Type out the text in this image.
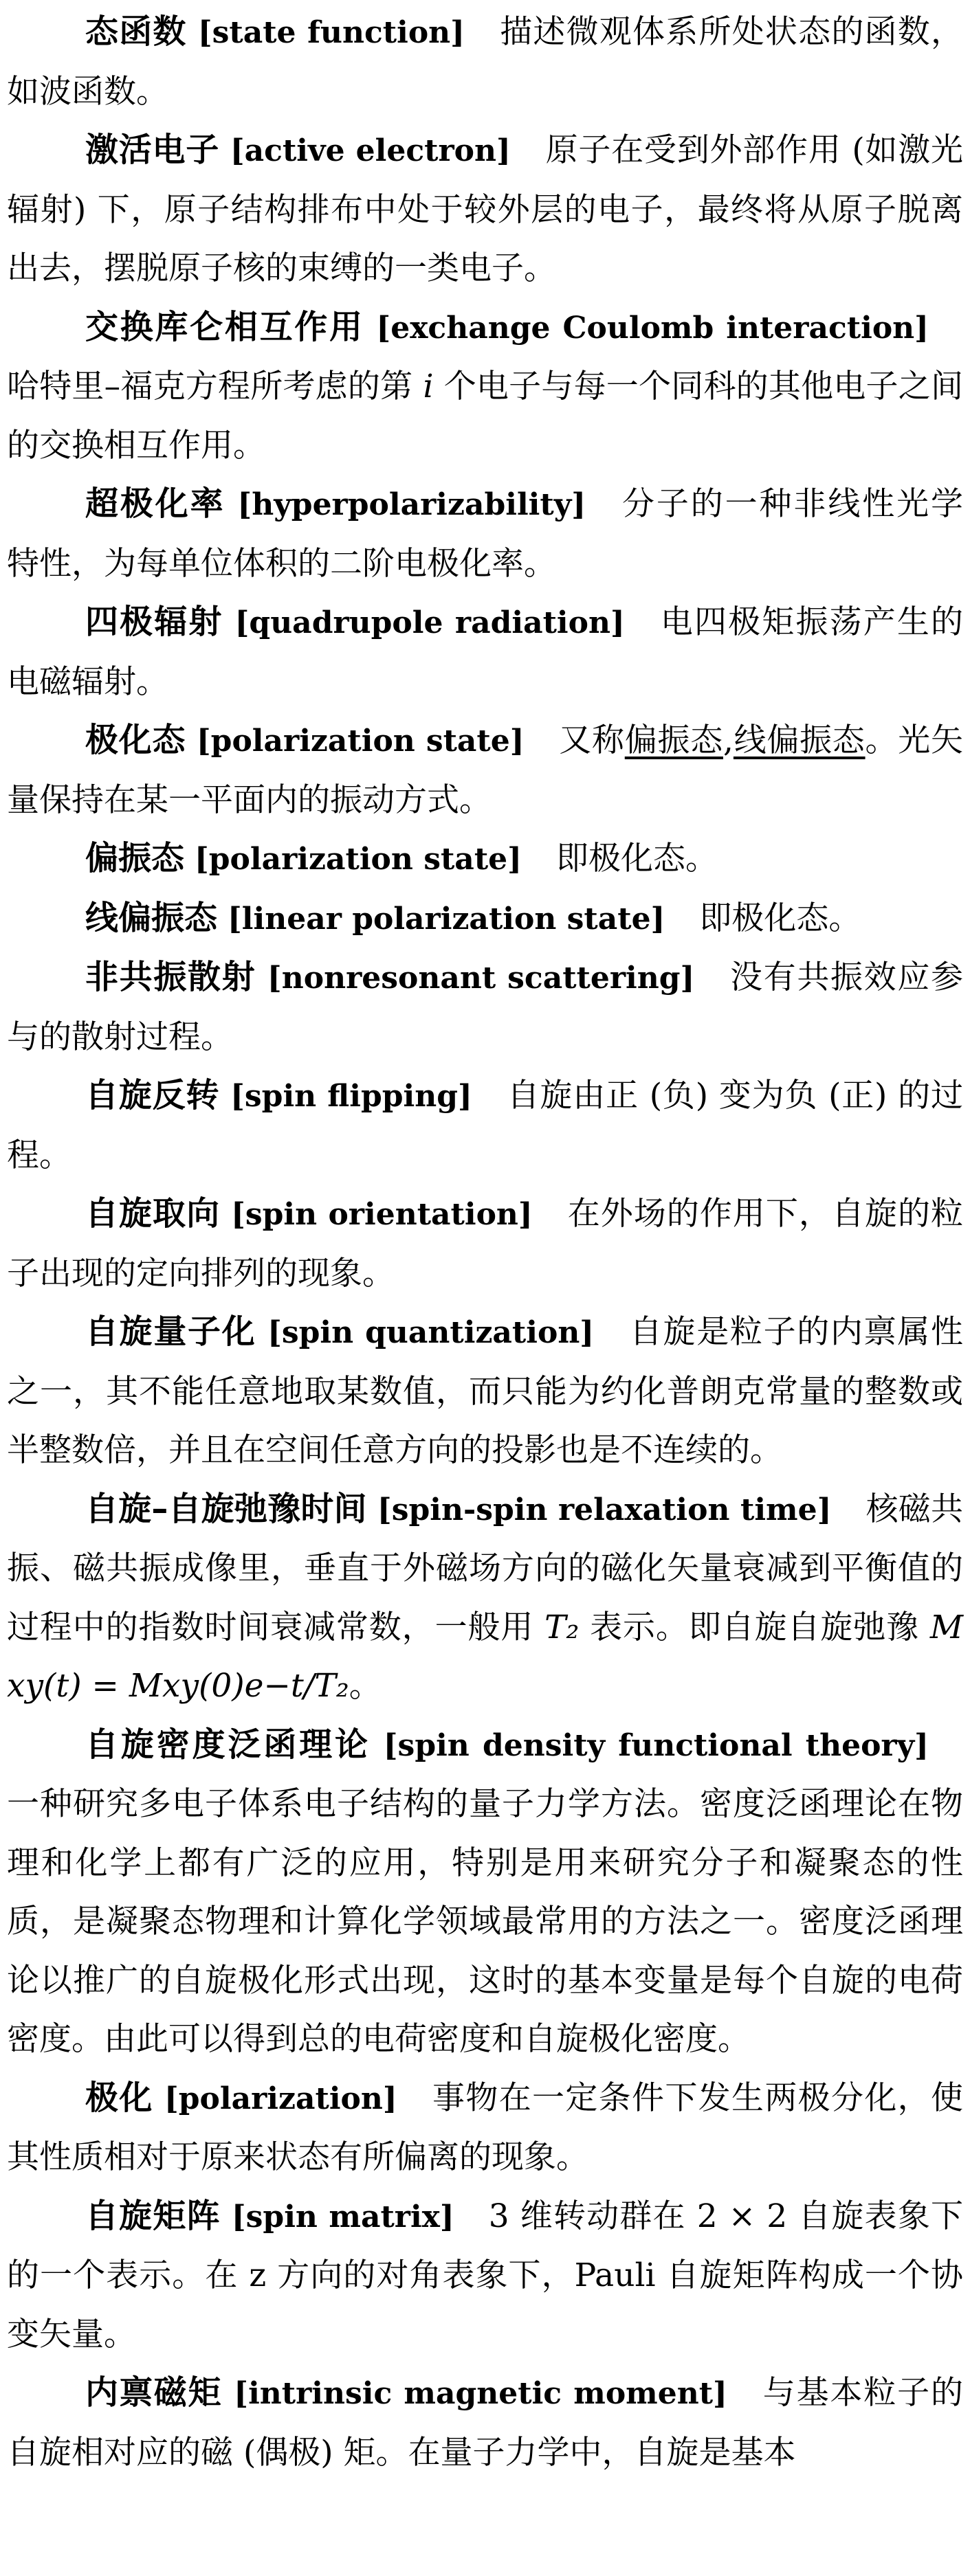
态函数 [state function] 描述微观体系所处状态的函数，如波函数。

激活电子 [active electron] 原子在受到外部作用 (如激光辐射) 下，原子结构排布中处于较外层的电子，最终将从原子脱离出去，摆脱原子核的束缚的一类电子。

交换库仑相互作用 [exchange Coulomb interaction]哈特里–福克方程所考虑的第 i 个电子与每一个同科的其他电子之间的交换相互作用。

超极化率 [hyperpolarizability] 分子的一种非线性光学特性，为每单位体积的二阶电极化率。

四极辐射 [quadrupole radiation] 电四极矩振荡产生的电磁辐射。

极化态 [polarization state] 又称偏振态,线偏振态。光矢量保持在某一平面内的振动方式。

偏振态 [polarization state] 即极化态。

线偏振态 [linear polarization state] 即极化态。

非共振散射 [nonresonant scattering] 没有共振效应参与的散射过程。

自旋反转 [spin flipping] 自旋由正 (负) 变为负 (正) 的过程。

自旋取向 [spin orientation] 在外场的作用下，自旋的粒子出现的定向排列的现象。

自旋量子化 [spin quantization] 自旋是粒子的内禀属性之一，其不能任意地取某数值，而只能为约化普朗克常量的整数或半整数倍，并且在空间任意方向的投影也是不连续的。

自旋–自旋弛豫时间 [spin-spin relaxation time] 核磁共振、磁共振成像里，垂直于外磁场方向的磁化矢量衰减到平衡值的过程中的指数时间衰减常数，一般用 T₂ 表示。即自旋自旋弛豫 Mxy(t) = Mxy(0)e−t/T₂。

自旋密度泛函理论 [spin density functional theory]一种研究多电子体系电子结构的量子力学方法。密度泛函理论在物理和化学上都有广泛的应用，特别是用来研究分子和凝聚态的性质，是凝聚态物理和计算化学领域最常用的方法之一。密度泛函理论以推广的自旋极化形式出现，这时的基本变量是每个自旋的电荷密度。由此可以得到总的电荷密度和自旋极化密度。

极化 [polarization] 事物在一定条件下发生两极分化，使其性质相对于原来状态有所偏离的现象。

自旋矩阵 [spin matrix] 3 维转动群在 2 × 2 自旋表象下的一个表示。在 z 方向的对角表象下，Pauli 自旋矩阵构成一个协变矢量。

内禀磁矩 [intrinsic magnetic moment] 与基本粒子的自旋相对应的磁 (偶极) 矩。在量子力学中，自旋是基本
